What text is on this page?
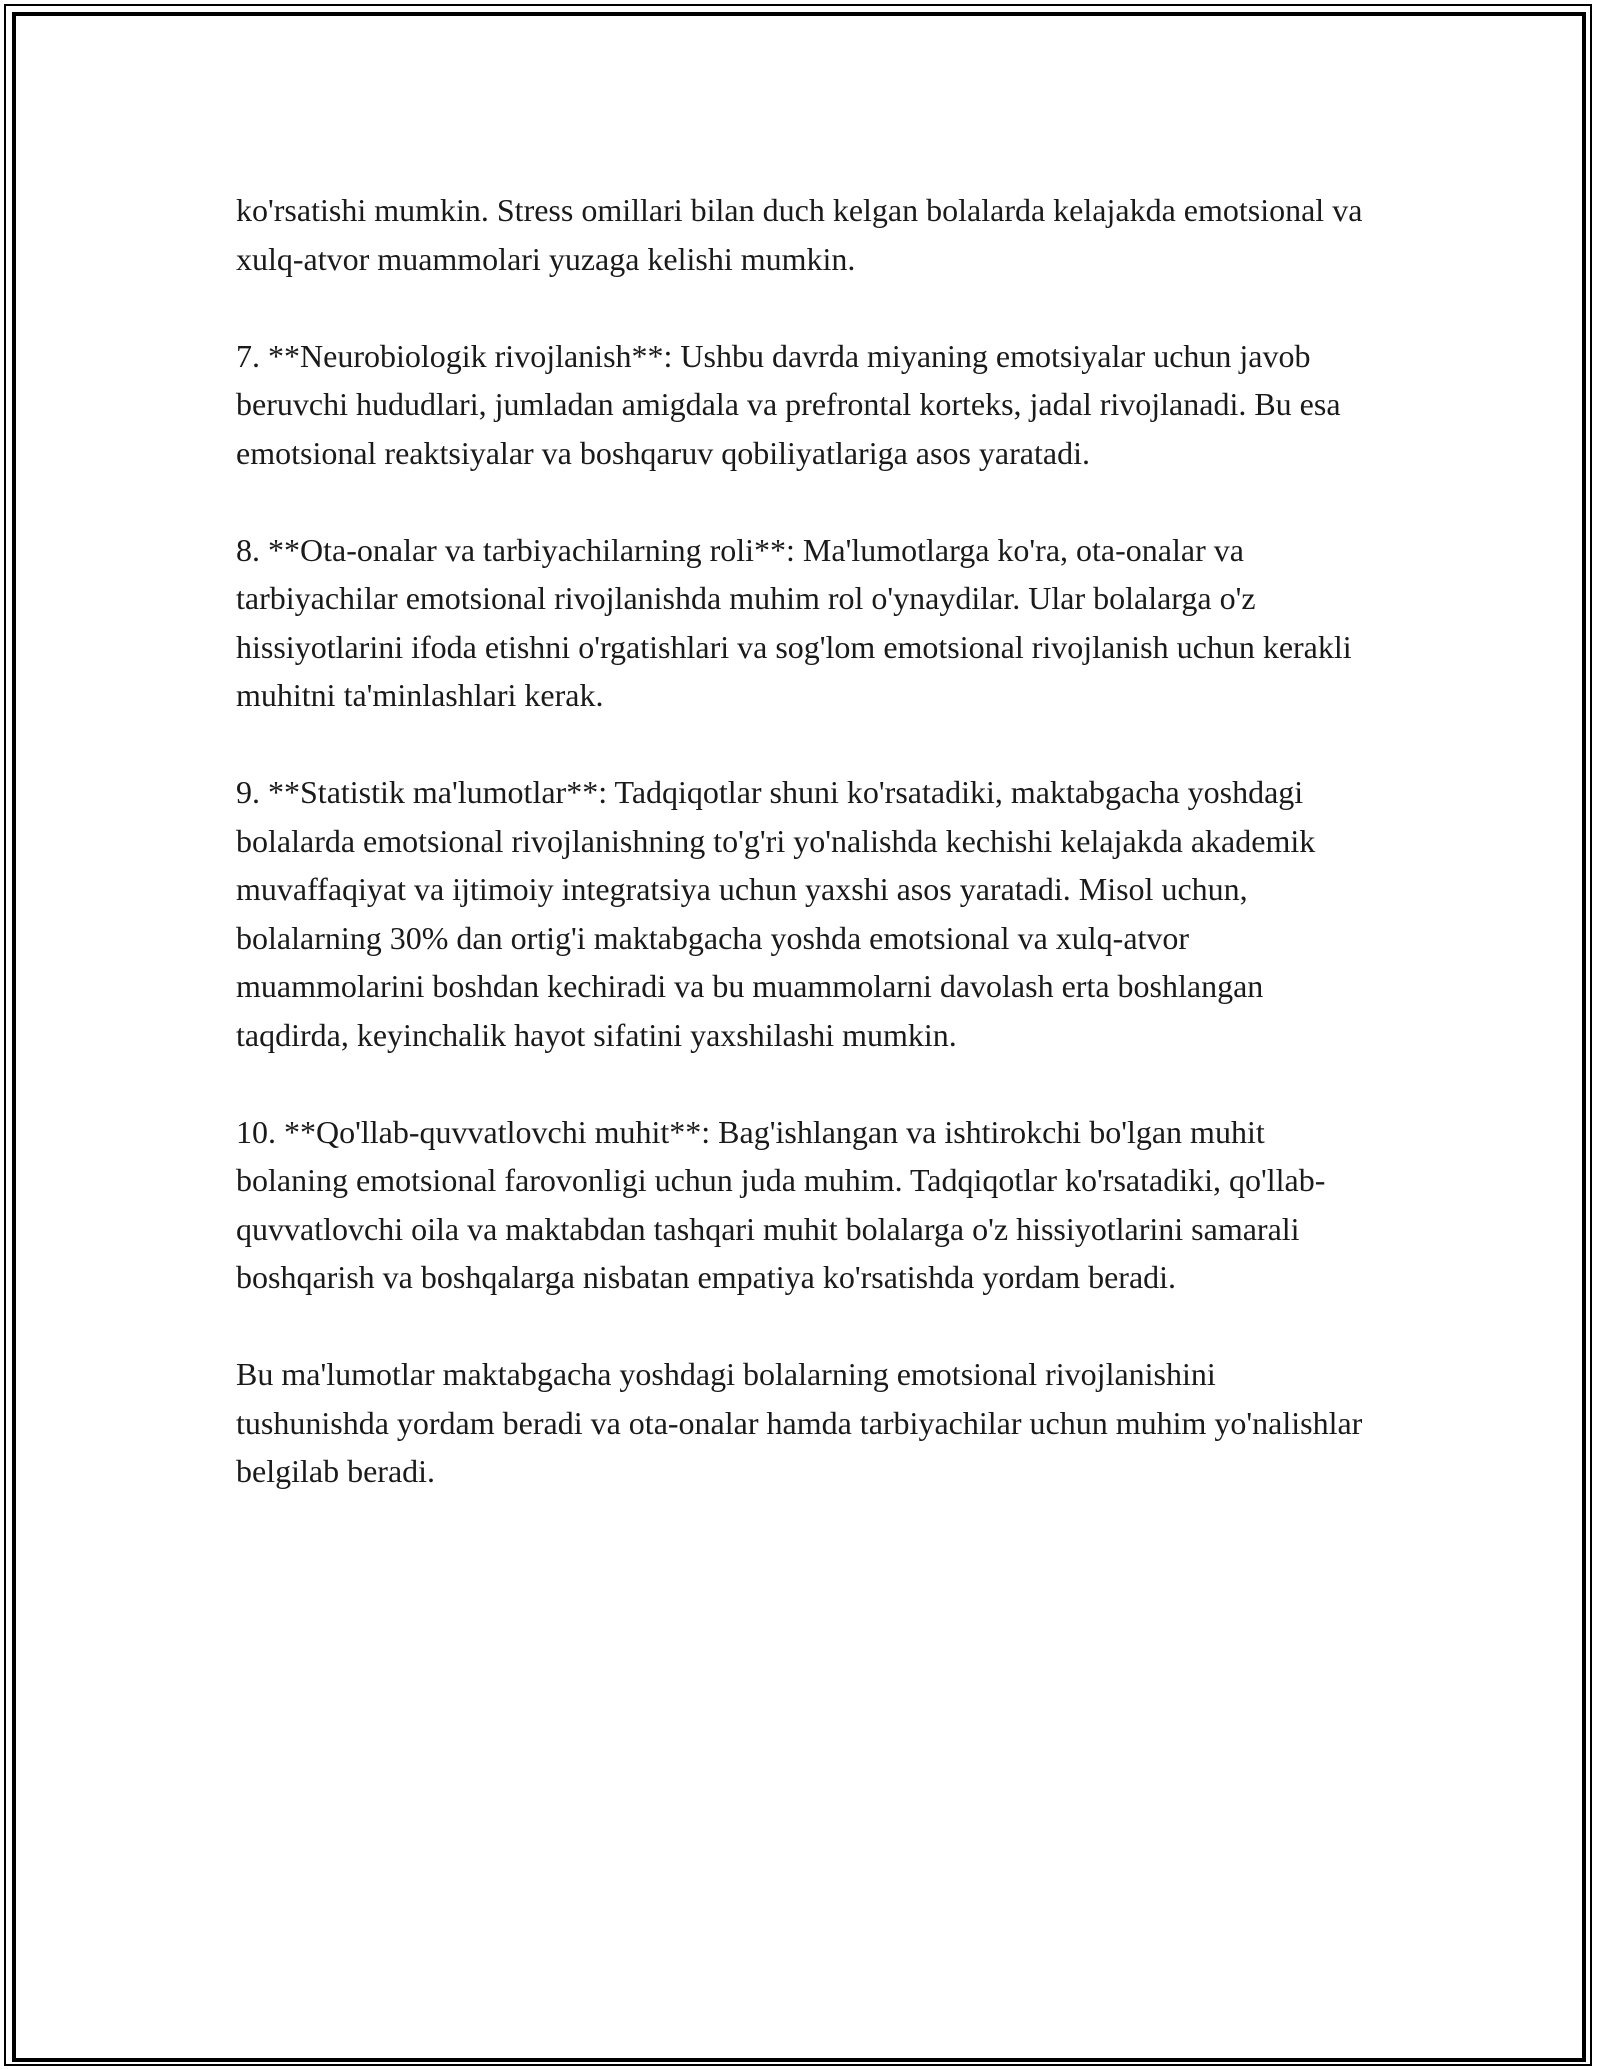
ko'rsatishi mumkin. Stress omillari bilan duch kelgan bolalarda kelajakda emotsional va xulq-atvor muammolari yuzaga kelishi mumkin.

7. **Neurobiologik rivojlanish**: Ushbu davrda miyaning emotsiyalar uchun javob beruvchi hududlari, jumladan amigdala va prefrontal korteks, jadal rivojlanadi. Bu esa emotsional reaktsiyalar va boshqaruv qobiliyatlariga asos yaratadi.

8. **Ota-onalar va tarbiyachilarning roli**: Ma'lumotlarga ko'ra, ota-onalar va tarbiyachilar emotsional rivojlanishda muhim rol o'ynaydilar. Ular bolalarga o'z hissiyotlarini ifoda etishni o'rgatishlari va sog'lom emotsional rivojlanish uchun kerakli muhitni ta'minlashlari kerak.

9. **Statistik ma'lumotlar**: Tadqiqotlar shuni ko'rsatadiki, maktabgacha yoshdagi bolalarda emotsional rivojlanishning to'g'ri yo'nalishda kechishi kelajakda akademik muvaffaqiyat va ijtimoiy integratsiya uchun yaxshi asos yaratadi. Misol uchun, bolalarning 30% dan ortig'i maktabgacha yoshda emotsional va xulq-atvor muammolarini boshdan kechiradi va bu muammolarni davolash erta boshlangan taqdirda, keyinchalik hayot sifatini yaxshilashi mumkin.

10. **Qo'llab-quvvatlovchi muhit**: Bag'ishlangan va ishtirokchi bo'lgan muhit bolaning emotsional farovonligi uchun juda muhim. Tadqiqotlar ko'rsatadiki, qo'llab-quvvatlovchi oila va maktabdan tashqari muhit bolalarga o'z hissiyotlarini samarali boshqarish va boshqalarga nisbatan empatiya ko'rsatishda yordam beradi.

Bu ma'lumotlar maktabgacha yoshdagi bolalarning emotsional rivojlanishini tushunishda yordam beradi va ota-onalar hamda tarbiyachilar uchun muhim yo'nalishlar belgilab beradi.
